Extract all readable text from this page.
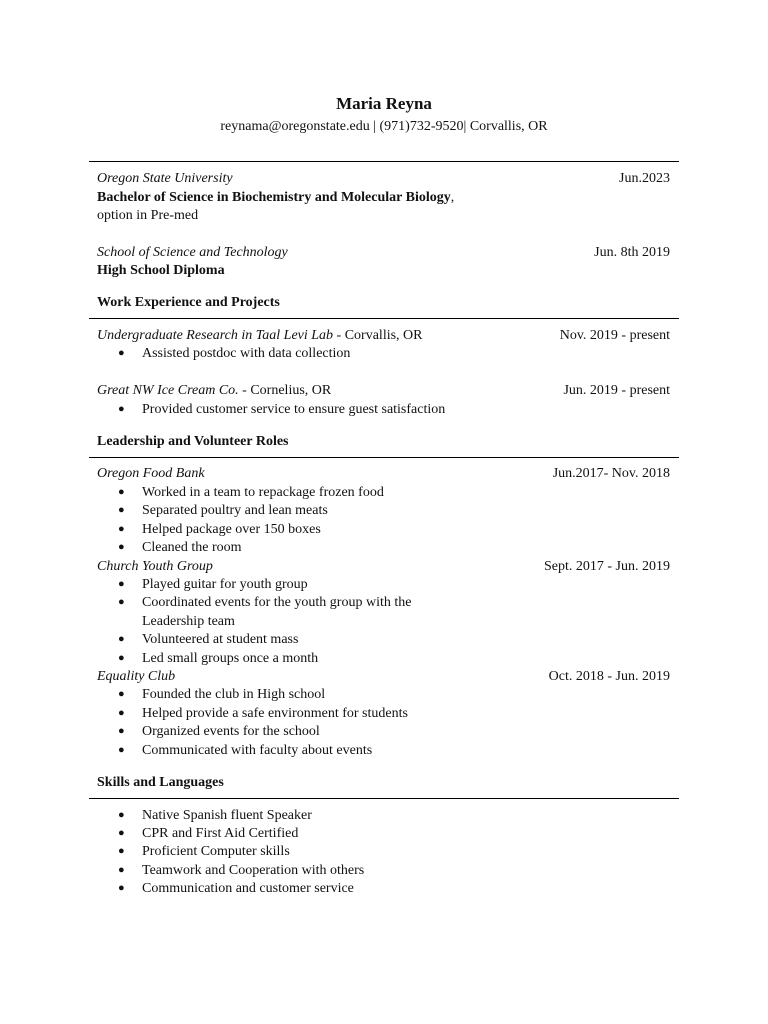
Maria Reyna
reynama@oregonstate.edu | (971)732-9520| Corvallis, OR
Oregon State University	Jun.2023
Bachelor of Science in Biochemistry and Molecular Biology,
option in Pre-med
School of Science and Technology	Jun. 8th 2019
High School Diploma
Work Experience and Projects
Undergraduate Research in Taal Levi Lab - Corvallis, OR	Nov. 2019 - present
● Assisted postdoc with data collection
Great NW Ice Cream Co. - Cornelius, OR	Jun. 2019 - present
● Provided customer service to ensure guest satisfaction
Leadership and Volunteer Roles
Oregon Food Bank	Jun.2017- Nov. 2018
● Worked in a team to repackage frozen food
● Separated poultry and lean meats
● Helped package over 150 boxes
● Cleaned the room
Church Youth Group	Sept. 2017 - Jun. 2019
● Played guitar for youth group
● Coordinated events for the youth group with the
Leadership team
● Volunteered at student mass
● Led small groups once a month
Equality Club	Oct. 2018 - Jun. 2019
● Founded the club in High school
● Helped provide a safe environment for students
● Organized events for the school
● Communicated with faculty about events
Skills and Languages
● Native Spanish fluent Speaker
● CPR and First Aid Certified
● Proficient Computer skills
● Teamwork and Cooperation with others
● Communication and customer service
